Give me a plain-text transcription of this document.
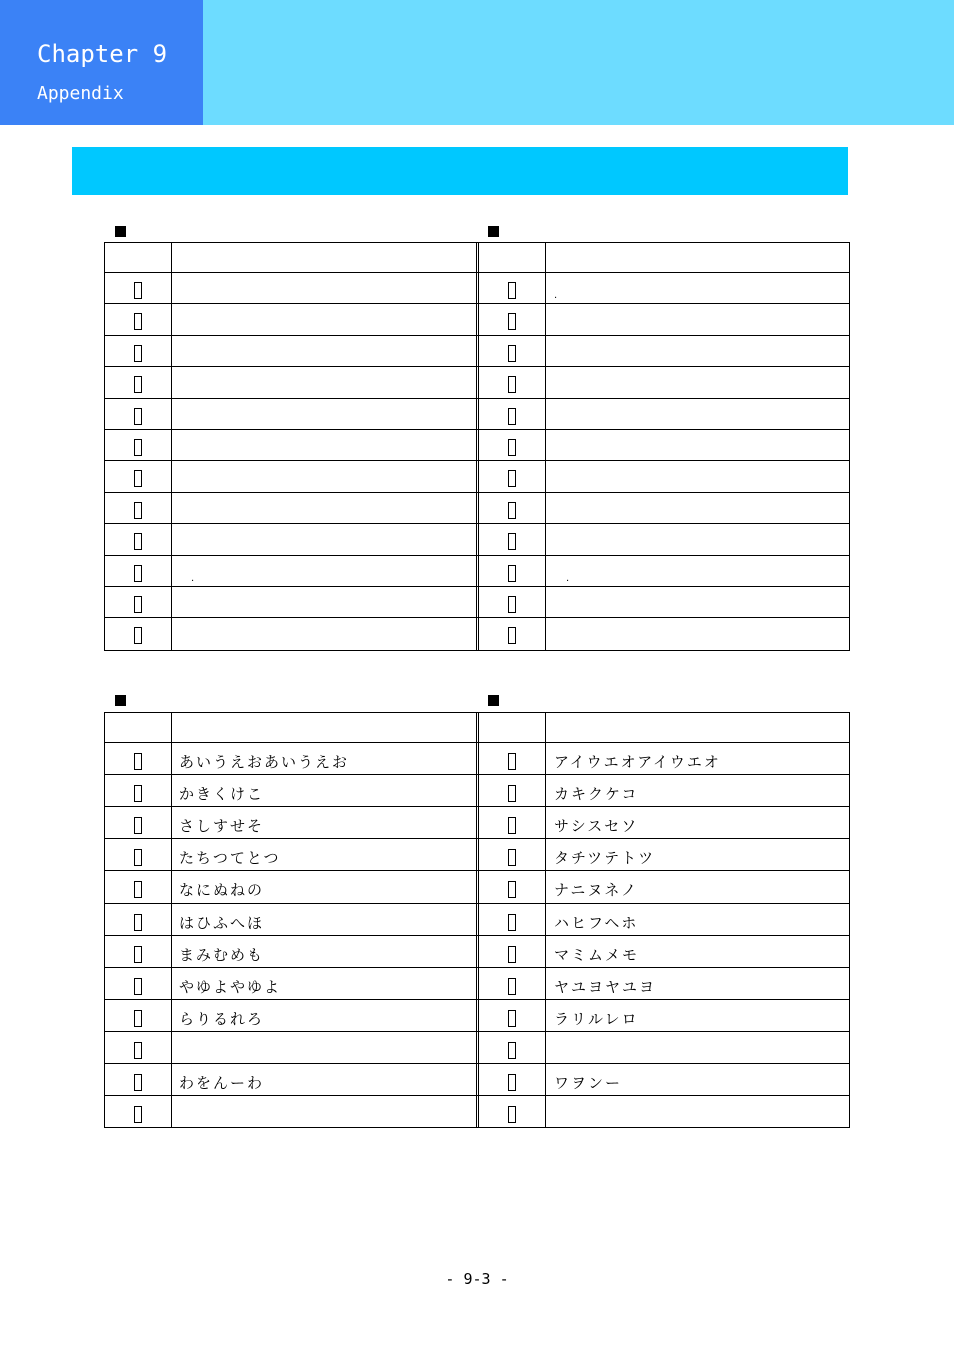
Chapter 9
Appendix
.
.	.
あいうえおあいうえお	アイウエオアイウエオ
かきくけこ	カキクケコ
さしすせそ	サシスセソ
たちつてとつ	タチツテトツ
なにぬねの	ナニヌネノ
はひふへほ	ハヒフヘホ
まみむめも	マミムメモ
やゆよやゆよ	ヤユヨヤユヨ
らりるれろ	ラリルレロ
わをんーわ	ワヲンー
- 9-3 -
